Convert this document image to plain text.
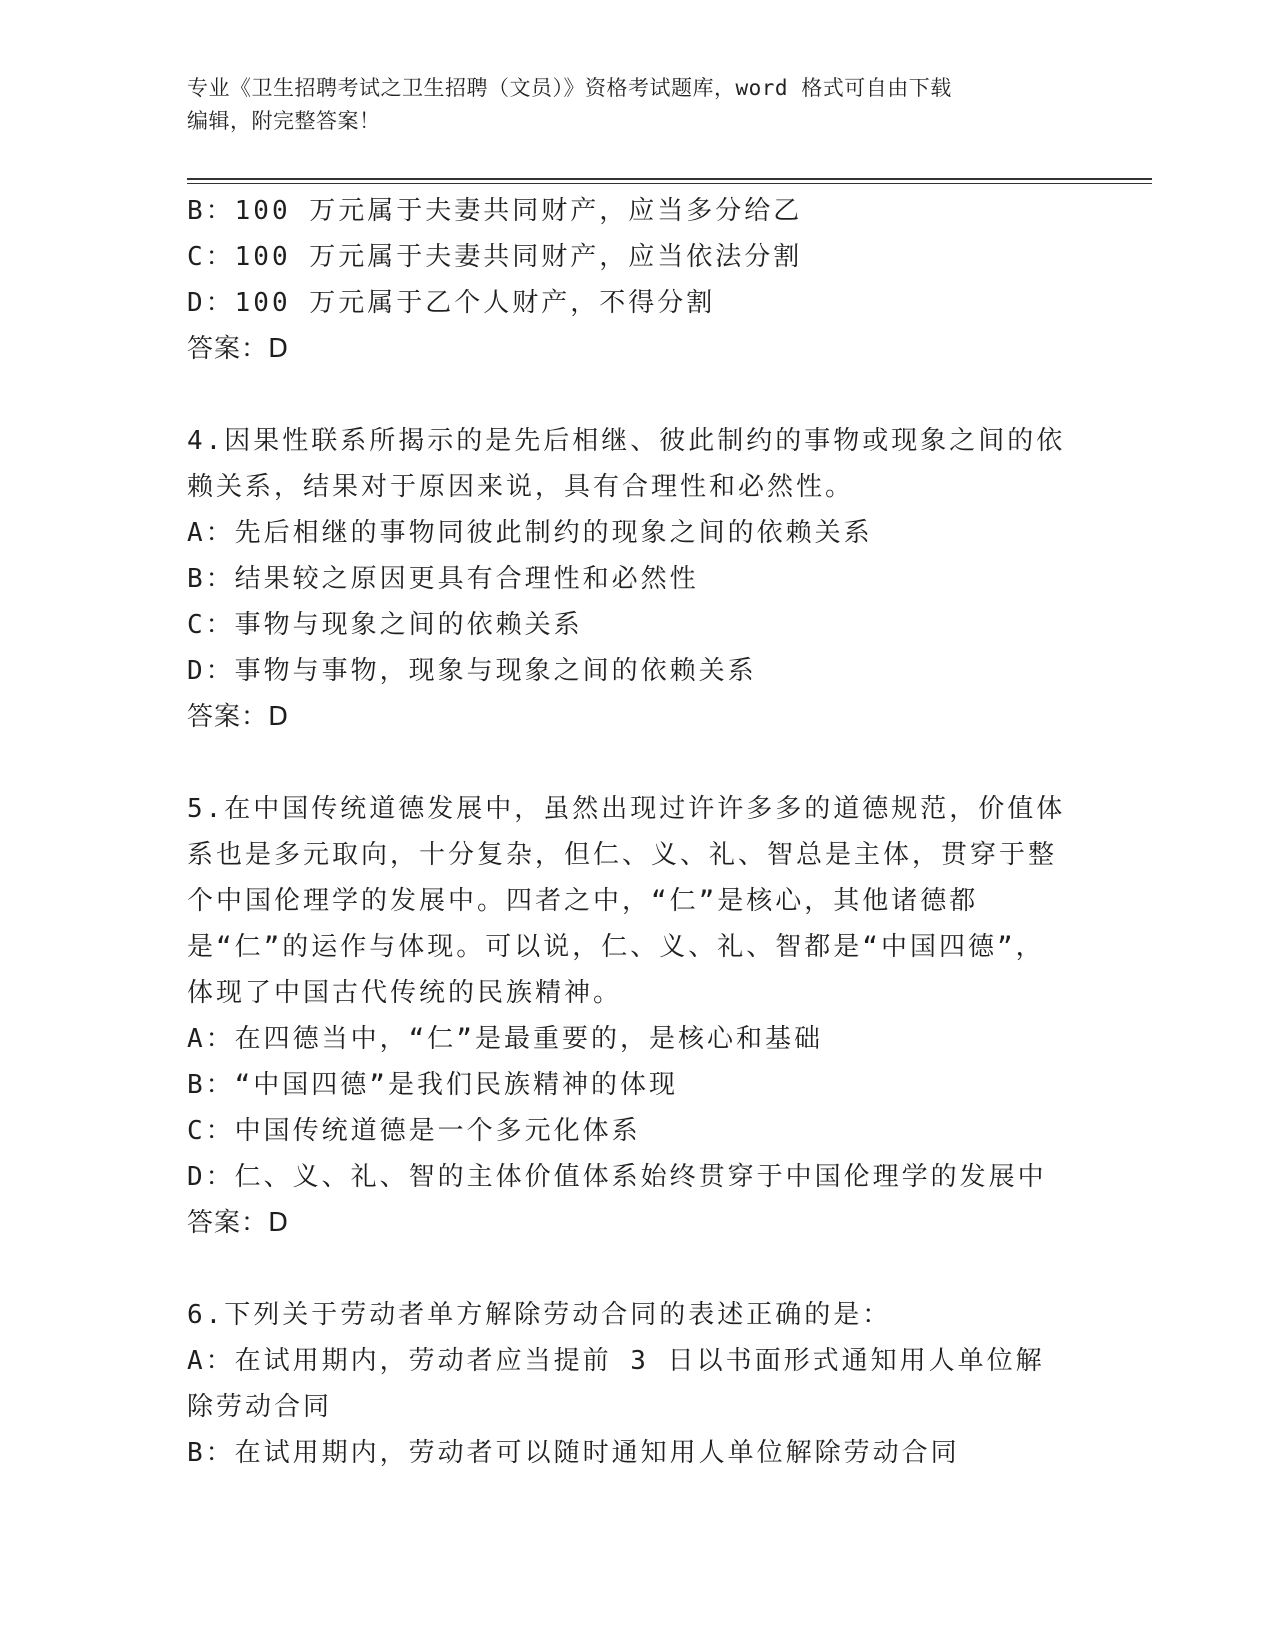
专业《卫生招聘考试之卫生招聘（文员）》资格考试题库，word 格式可自由下载
编辑，附完整答案！

B：100 万元属于夫妻共同财产，应当多分给乙

C：100 万元属于夫妻共同财产，应当依法分割

D：100 万元属于乙个人财产，不得分割

答案：D

4.因果性联系所揭示的是先后相继、彼此制约的事物或现象之间的依赖关系，结果对于原因来说，具有合理性和必然性。

A：先后相继的事物同彼此制约的现象之间的依赖关系

B：结果较之原因更具有合理性和必然性

C：事物与现象之间的依赖关系

D：事物与事物，现象与现象之间的依赖关系

答案：D

5.在中国传统道德发展中，虽然出现过许许多多的道德规范，价值体系也是多元取向，十分复杂，但仁、义、礼、智总是主体，贯穿于整个中国伦理学的发展中。四者之中，“仁”是核心，其他诸德都是“仁”的运作与体现。可以说，仁、义、礼、智都是“中国四德”，体现了中国古代传统的民族精神。

A：在四德当中，“仁”是最重要的，是核心和基础

B：“中国四德”是我们民族精神的体现

C：中国传统道德是一个多元化体系

D：仁、义、礼、智的主体价值体系始终贯穿于中国伦理学的发展中

答案：D

6.下列关于劳动者单方解除劳动合同的表述正确的是：

A：在试用期内，劳动者应当提前 3 日以书面形式通知用人单位解除劳动合同

B：在试用期内，劳动者可以随时通知用人单位解除劳动合同
